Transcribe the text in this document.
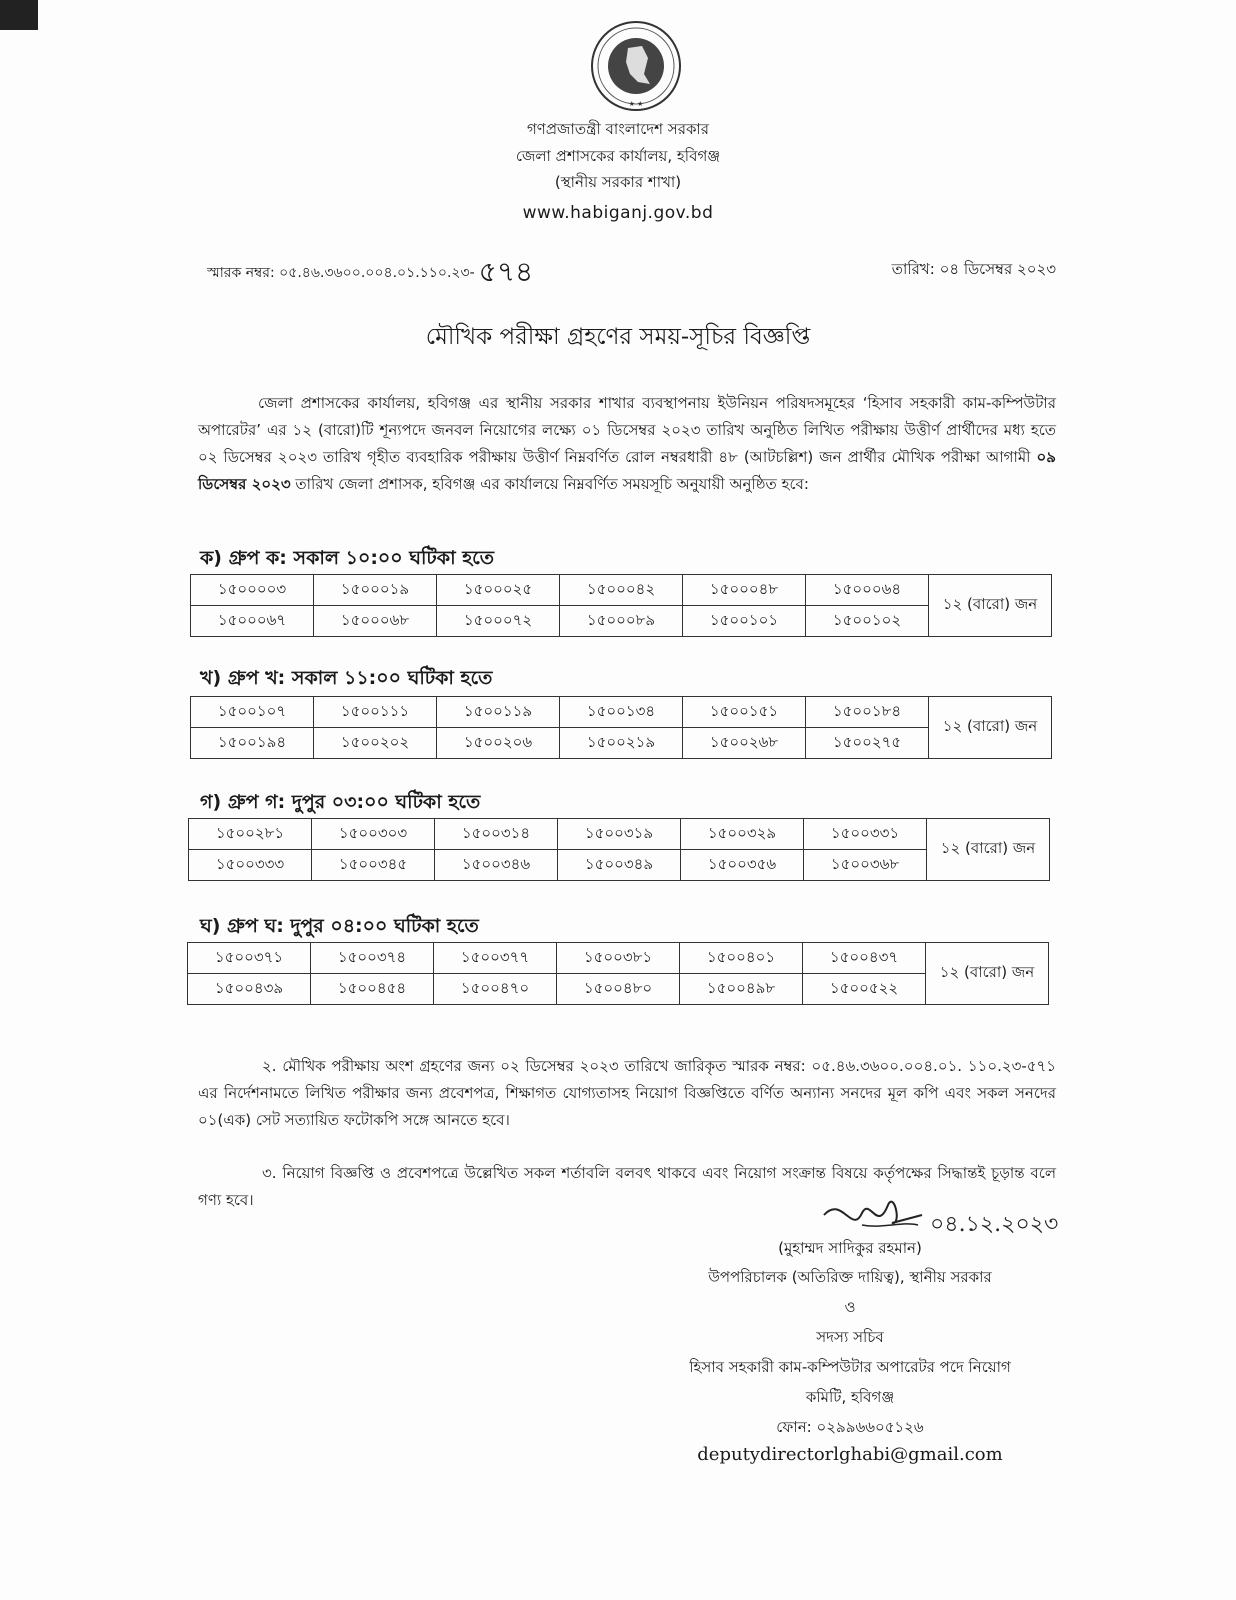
★ ★
গণপ্রজাতন্ত্রী বাংলাদেশ সরকার
জেলা প্রশাসকের কার্যালয়, হবিগঞ্জ
(স্থানীয় সরকার শাখা)
www.habiganj.gov.bd
স্মারক নম্বর: ০৫.৪৬.৩৬০০.০০৪.০১.১১০.২৩- ৫৭৪	তারিখ: ০৪ ডিসেম্বর ২০২৩
মৌখিক পরীক্ষা গ্রহণের সময়-সূচির বিজ্ঞপ্তি
জেলা প্রশাসকের কার্যালয়, হবিগঞ্জ এর স্থানীয় সরকার শাখার ব্যবস্থাপনায় ইউনিয়ন পরিষদসমূহের ‘হিসাব সহকারী কাম-কম্পিউটার অপারেটর’ এর ১২ (বারো)টি শূন্যপদে জনবল নিয়োগের লক্ষ্যে ০১ ডিসেম্বর ২০২৩ তারিখ অনুষ্ঠিত লিখিত পরীক্ষায় উত্তীর্ণ প্রার্থীদের মধ্য হতে ০২ ডিসেম্বর ২০২৩ তারিখ গৃহীত ব্যবহারিক পরীক্ষায় উত্তীর্ণ নিম্নবর্ণিত রোল নম্বরধারী ৪৮ (আটচল্লিশ) জন প্রার্থীর মৌখিক পরীক্ষা আগামী ০৯ ডিসেম্বর ২০২৩ তারিখ জেলা প্রশাসক, হবিগঞ্জ এর কার্যালয়ে নিম্নবর্ণিত সময়সূচি অনুযায়ী অনুষ্ঠিত হবে:
ক) গ্রুপ ক: সকাল ১০:০০ ঘটিকা হতে
১৫০০০০৩	১৫০০০১৯	১৫০০০২৫	১৫০০০৪২	১৫০০০৪৮	১৫০০০৬৪	১২ (বারো) জন
১৫০০০৬৭	১৫০০০৬৮	১৫০০০৭২	১৫০০০৮৯	১৫০০১০১	১৫০০১০২	
খ) গ্রুপ খ: সকাল ১১:০০ ঘটিকা হতে
১৫০০১০৭	১৫০০১১১	১৫০০১১৯	১৫০০১৩৪	১৫০০১৫১	১৫০০১৮৪	১২ (বারো) জন
১৫০০১৯৪	১৫০০২০২	১৫০০২০৬	১৫০০২১৯	১৫০০২৬৮	১৫০০২৭৫	
গ) গ্রুপ গ: দুপুর ০৩:০০ ঘটিকা হতে
১৫০০২৮১	১৫০০৩০৩	১৫০০৩১৪	১৫০০৩১৯	১৫০০৩২৯	১৫০০৩৩১	১২ (বারো) জন
১৫০০৩৩৩	১৫০০৩৪৫	১৫০০৩৪৬	১৫০০৩৪৯	১৫০০৩৫৬	১৫০০৩৬৮	
ঘ) গ্রুপ ঘ: দুপুর ০৪:০০ ঘটিকা হতে
১৫০০৩৭১	১৫০০৩৭৪	১৫০০৩৭৭	১৫০০৩৮১	১৫০০৪০১	১৫০০৪৩৭	১২ (বারো) জন
১৫০০৪৩৯	১৫০০৪৫৪	১৫০০৪৭০	১৫০০৪৮০	১৫০০৪৯৮	১৫০০৫২২	
২. মৌখিক পরীক্ষায় অংশ গ্রহণের জন্য ০২ ডিসেম্বর ২০২৩ তারিখে জারিকৃত স্মারক নম্বর: ০৫.৪৬.৩৬০০.০০৪.০১. ১১০.২৩-৫৭১ এর নির্দেশনামতে লিখিত পরীক্ষার জন্য প্রবেশপত্র, শিক্ষাগত যোগ্যতাসহ নিয়োগ বিজ্ঞপ্তিতে বর্ণিত অন্যান্য সনদের মূল কপি এবং সকল সনদের ০১(এক) সেট সত্যায়িত ফটোকপি সঙ্গে আনতে হবে।
৩. নিয়োগ বিজ্ঞপ্তি ও প্রবেশপত্রে উল্লেখিত সকল শর্তাবলি বলবৎ থাকবে এবং নিয়োগ সংক্রান্ত বিষয়ে কর্তৃপক্ষের সিদ্ধান্তই চূড়ান্ত বলে গণ্য হবে।
০৪.১২.২০২৩
(মুহাম্মদ সাদিকুর রহমান)
উপপরিচালক (অতিরিক্ত দায়িত্ব), স্থানীয় সরকার
ও
সদস্য সচিব
হিসাব সহকারী কাম-কম্পিউটার অপারেটর পদে নিয়োগ
কমিটি, হবিগঞ্জ
ফোন: ০২৯৯৬৬০৫১২৬
deputydirectorlghabi@gmail.com
